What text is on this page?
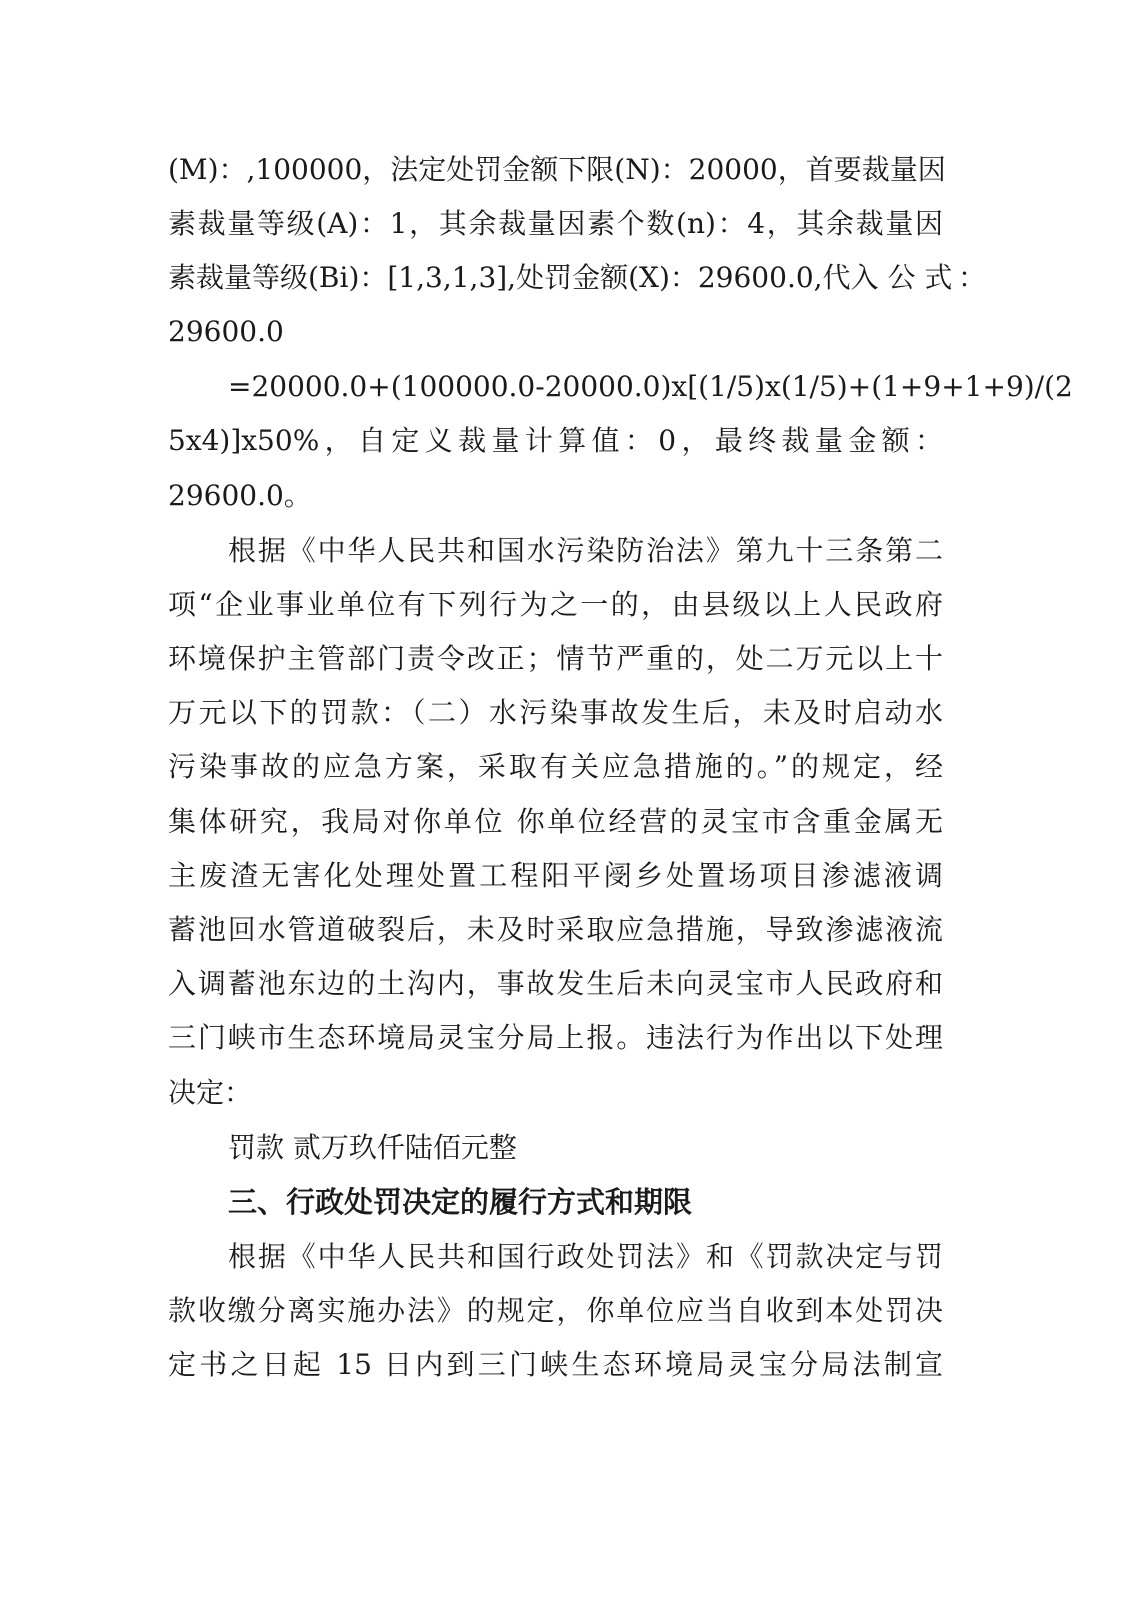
(M)：,100000，法定处罚金额下限(N)：20000，首要裁量因
素裁量等级(A)：1，其余裁量因素个数(n)：4，其余裁量因
素裁量等级(Bi)：[1,3,1,3],处罚金额(X)：29600.0,代入 公 式 ：
29600.0
=20000.0+(100000.0-20000.0)x[(1/5)x(1/5)+(1+9+1+9)/(2
5x4)]x50%，自定义裁量计算值：0，最终裁量金额：
29600.0。
根据《中华人民共和国水污染防治法》第九十三条第二
项“企业事业单位有下列行为之一的，由县级以上人民政府
环境保护主管部门责令改正；情节严重的，处二万元以上十
万元以下的罚款：（二）水污染事故发生后，未及时启动水
污染事故的应急方案，采取有关应急措施的。”的规定，经
集体研究，我局对你单位 你单位经营的灵宝市含重金属无
主废渣无害化处理处置工程阳平阌乡处置场项目渗滤液调
蓄池回水管道破裂后，未及时采取应急措施，导致渗滤液流
入调蓄池东边的土沟内，事故发生后未向灵宝市人民政府和
三门峡市生态环境局灵宝分局上报。违法行为作出以下处理
决定：
罚款 贰万玖仟陆佰元整
三、行政处罚决定的履行方式和期限
根据《中华人民共和国行政处罚法》和《罚款决定与罚
款收缴分离实施办法》的规定，你单位应当自收到本处罚决
定书之日起 15 日内到三门峡生态环境局灵宝分局法制宣
